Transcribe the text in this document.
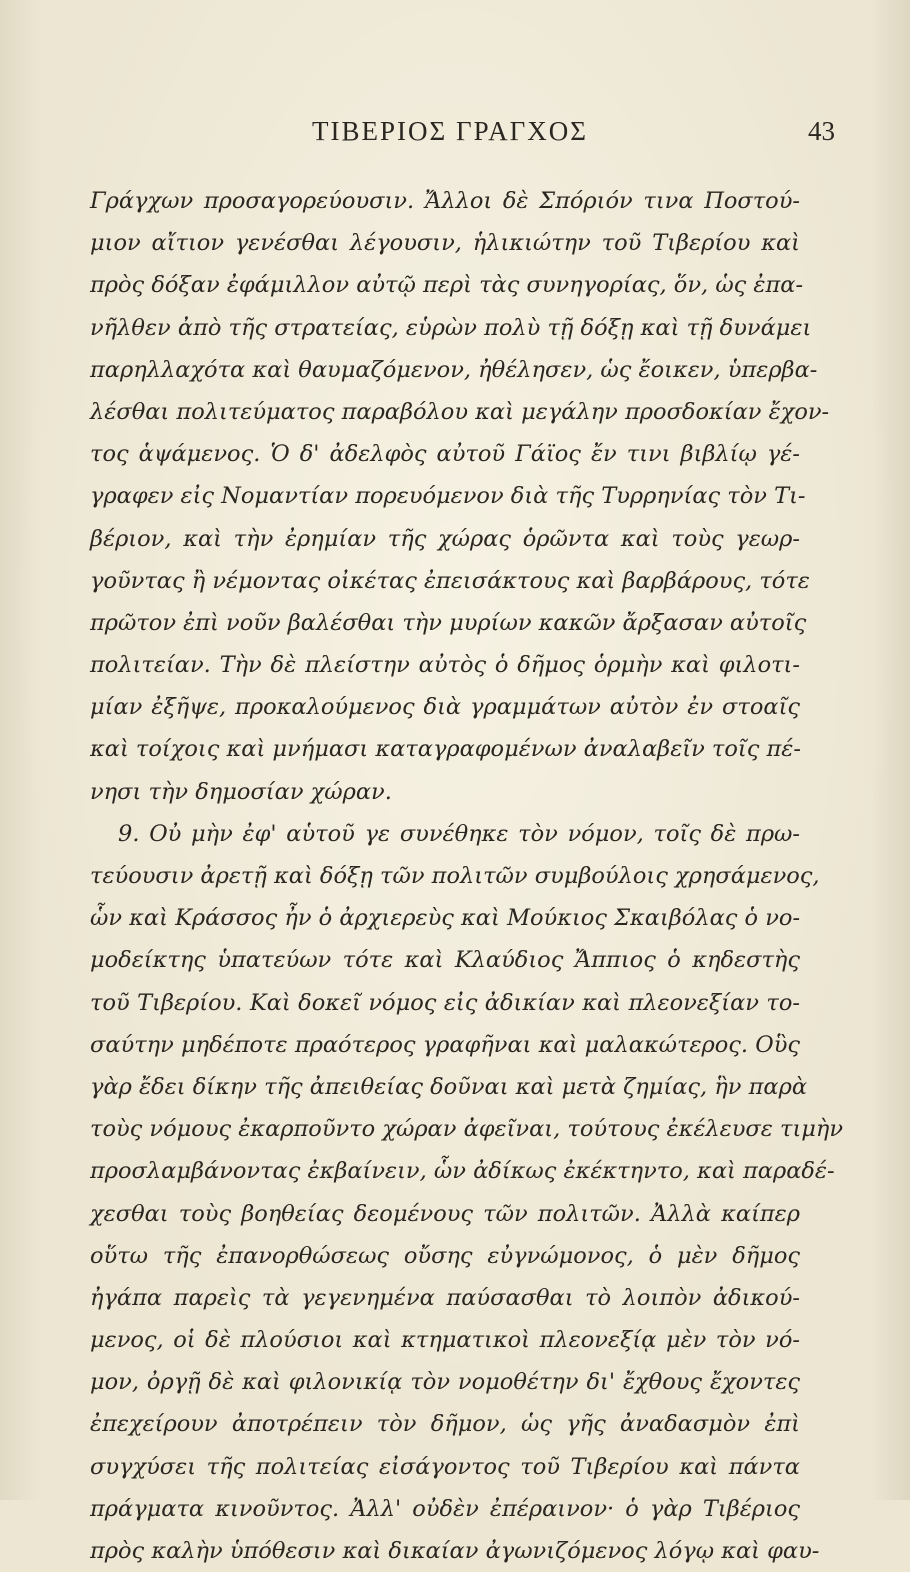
ΤΙΒΕΡΙΟΣ ΓΡΑΓΧΟΣ	43
Γράγχων προσαγορεύουσιν. Ἄλλοι δὲ Σπόριόν τινα Ποστού-
μιον αἴτιον γενέσθαι λέγουσιν, ἡλικιώτην τοῦ Τιβερίου καὶ
πρὸς δόξαν ἐφάμιλλον αὐτῷ περὶ τὰς συνηγορίας, ὅν, ὡς ἐπα-
νῆλθεν ἀπὸ τῆς στρατείας, εὑρὼν πολὺ τῇ δόξῃ καὶ τῇ δυνάμει
παρηλλαχότα καὶ θαυμαζόμενον, ἠθέλησεν, ὡς ἔοικεν, ὑπερβα-
λέσθαι πολιτεύματος παραβόλου καὶ μεγάλην προσδοκίαν ἔχον-
τος ἁψάμενος. Ὁ δ' ἀδελφὸς αὐτοῦ Γάϊος ἔν τινι βιβλίῳ γέ-
γραφεν εἰς Νομαντίαν πορευόμενον διὰ τῆς Τυρρηνίας τὸν Τι-
βέριον, καὶ τὴν ἐρημίαν τῆς χώρας ὁρῶντα καὶ τοὺς γεωρ-
γοῦντας ἢ νέμοντας οἰκέτας ἐπεισάκτους καὶ βαρβάρους, τότε
πρῶτον ἐπὶ νοῦν βαλέσθαι τὴν μυρίων κακῶν ἄρξασαν αὐτοῖς
πολιτείαν. Τὴν δὲ πλείστην αὐτὸς ὁ δῆμος ὁρμὴν καὶ φιλοτι-
μίαν ἐξῆψε, προκαλούμενος διὰ γραμμάτων αὐτὸν ἐν στοαῖς
καὶ τοίχοις καὶ μνήμασι καταγραφομένων ἀναλαβεῖν τοῖς πέ-
νησι τὴν δημοσίαν χώραν.
9. Οὐ μὴν ἐφ' αὑτοῦ γε συνέθηκε τὸν νόμον, τοῖς δὲ πρω-
τεύουσιν ἀρετῇ καὶ δόξῃ τῶν πολιτῶν συμβούλοις χρησάμενος,
ὧν καὶ Κράσσος ἦν ὁ ἀρχιερεὺς καὶ Μούκιος Σκαιβόλας ὁ νο-
μοδείκτης ὑπατεύων τότε καὶ Κλαύδιος Ἄππιος ὁ κηδεστὴς
τοῦ Τιβερίου. Καὶ δοκεῖ νόμος εἰς ἀδικίαν καὶ πλεονεξίαν το-
σαύτην μηδέποτε πραότερος γραφῆναι καὶ μαλακώτερος. Οὓς
γὰρ ἔδει δίκην τῆς ἀπειθείας δοῦναι καὶ μετὰ ζημίας, ἣν παρὰ
τοὺς νόμους ἐκαρποῦντο χώραν ἀφεῖναι, τούτους ἐκέλευσε τιμὴν
προσλαμβάνοντας ἐκβαίνειν, ὧν ἀδίκως ἐκέκτηντο, καὶ παραδέ-
χεσθαι τοὺς βοηθείας δεομένους τῶν πολιτῶν. Ἀλλὰ καίπερ
οὕτω τῆς ἐπανορθώσεως οὔσης εὐγνώμονος, ὁ μὲν δῆμος
ἠγάπα παρεὶς τὰ γεγενημένα παύσασθαι τὸ λοιπὸν ἀδικού-
μενος, οἱ δὲ πλούσιοι καὶ κτηματικοὶ πλεονεξίᾳ μὲν τὸν νό-
μον, ὀργῇ δὲ καὶ φιλονικίᾳ τὸν νομοθέτην δι' ἔχθους ἔχοντες
ἐπεχείρουν ἀποτρέπειν τὸν δῆμον, ὡς γῆς ἀναδασμὸν ἐπὶ
συγχύσει τῆς πολιτείας εἰσάγοντος τοῦ Τιβερίου καὶ πάντα
πράγματα κινοῦντος. Ἀλλ' οὐδὲν ἐπέραινον· ὁ γὰρ Τιβέριος
πρὸς καλὴν ὑπόθεσιν καὶ δικαίαν ἀγωνιζόμενος λόγῳ καὶ φαυ-
